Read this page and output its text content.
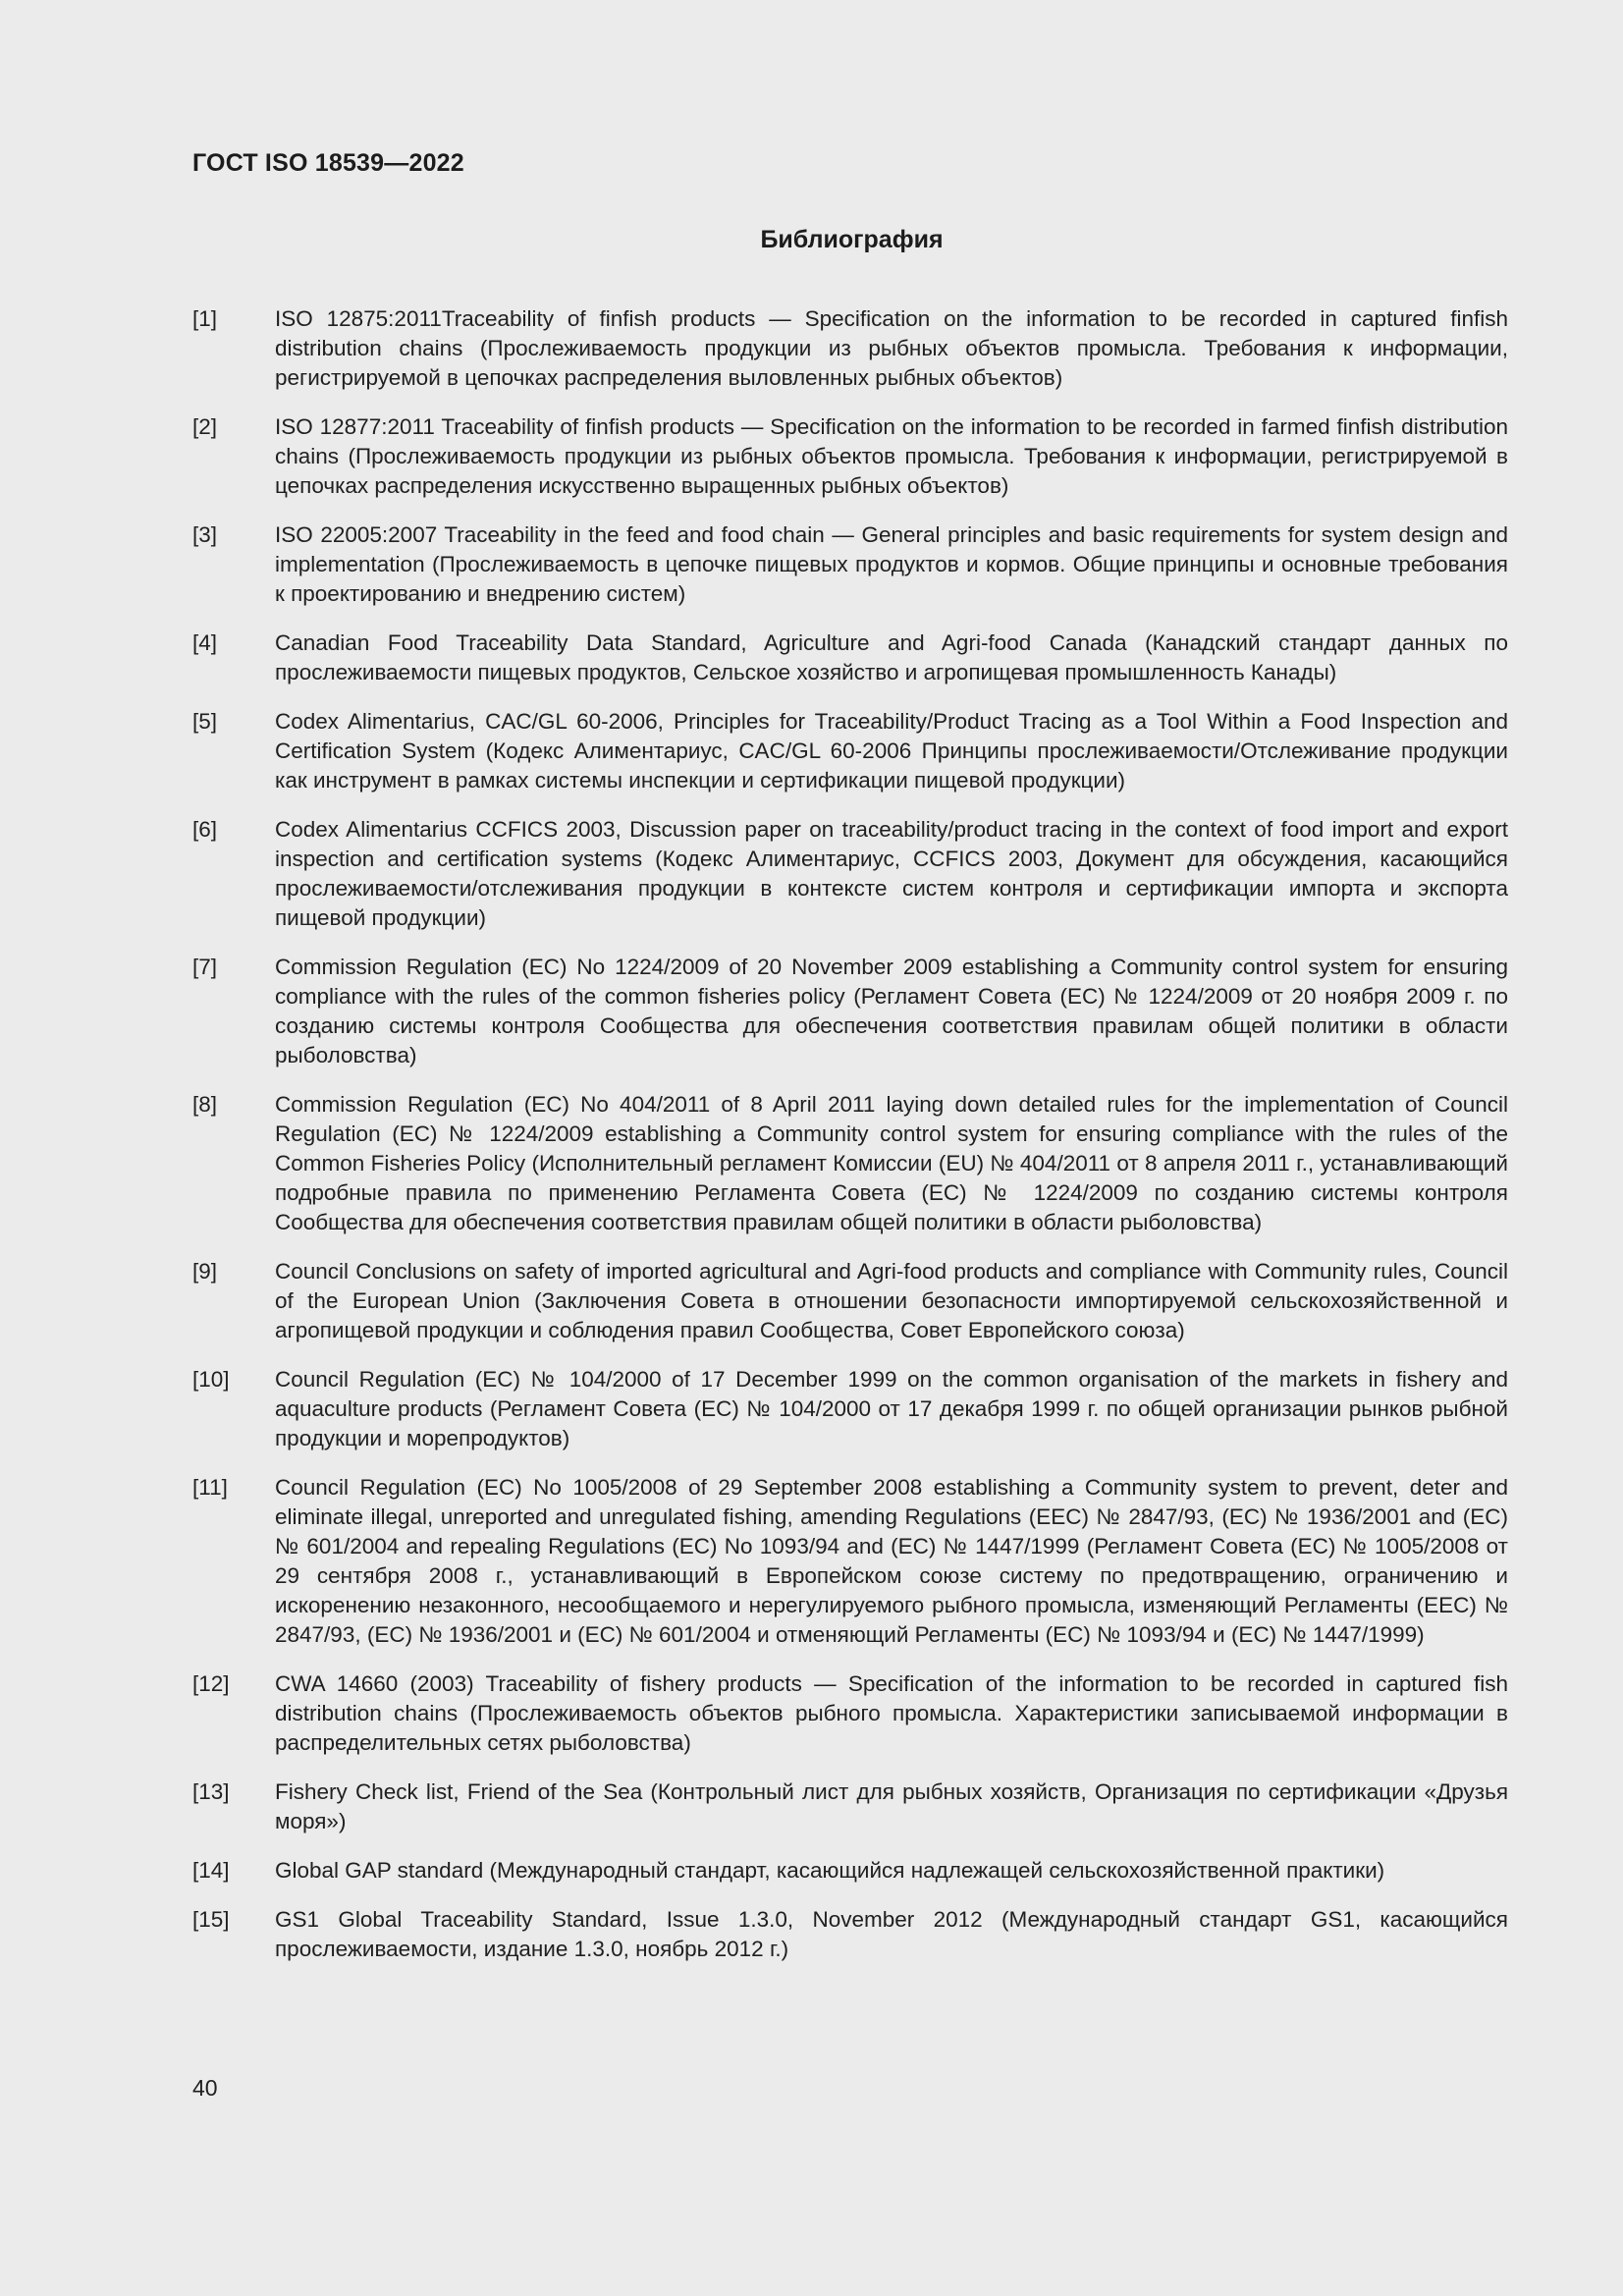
ГОСТ ISO 18539—2022
Библиография
[1]	ISO 12875:2011Traceability of finfish products — Specification on the information to be recorded in captured finfish distribution chains (Прослеживаемость продукции из рыбных объектов промысла. Требования к информации, регистрируемой в цепочках распределения выловленных рыбных объектов)
[2]	ISO 12877:2011 Traceability of finfish products — Specification on the information to be recorded in farmed finfish distribution chains (Прослеживаемость продукции из рыбных объектов промысла. Требования к информации, регистрируемой в цепочках распределения искусственно выращенных рыбных объектов)
[3]	ISO 22005:2007 Traceability in the feed and food chain — General principles and basic requirements for system design and implementation (Прослеживаемость в цепочке пищевых продуктов и кормов. Общие принципы и основные требования к проектированию и внедрению систем)
[4]	Canadian Food Traceability Data Standard, Agriculture and Agri-food Canada (Канадский стандарт данных по прослеживаемости пищевых продуктов, Сельское хозяйство и агропищевая промышленность Канады)
[5]	Codex Alimentarius, CAC/GL 60-2006, Principles for Traceability/Product Tracing as a Tool Within a Food Inspection and Certification System (Кодекс Алиментариус, CAC/GL 60-2006 Принципы прослеживаемости/Отслеживание продукции как инструмент в рамках системы инспекции и сертификации пищевой продукции)
[6]	Codex Alimentarius CCFICS 2003, Discussion paper on traceability/product tracing in the context of food import and export inspection and certification systems (Кодекс Алиментариус, CCFICS 2003, Документ для обсуждения, касающийся прослеживаемости/отслеживания продукции в контексте систем контроля и сертификации импорта и экспорта пищевой продукции)
[7]	Commission Regulation (EC) No 1224/2009 of 20 November 2009 establishing a Community control system for ensuring compliance with the rules of the common fisheries policy (Регламент Совета (ЕС) № 1224/2009 от 20 ноября 2009 г. по созданию системы контроля Сообщества для обеспечения соответствия правилам общей политики в области рыболовства)
[8]	Commission Regulation (EC) No 404/2011 of 8 April 2011 laying down detailed rules for the implementation of Council Regulation (EC) № 1224/2009 establishing a Community control system for ensuring compliance with the rules of the Common Fisheries Policy (Исполнительный регламент Комиссии (EU) № 404/2011 от 8 апреля 2011 г., устанавливающий подробные правила по применению Регламента Совета (ЕС) № 1224/2009 по созданию системы контроля Сообщества для обеспечения соответствия правилам общей политики в области рыболовства)
[9]	Council Conclusions on safety of imported agricultural and Agri-food products and compliance with Community rules, Council of the European Union (Заключения Совета в отношении безопасности импортируемой сельскохозяйственной и агропищевой продукции и соблюдения правил Сообщества, Совет Европейского союза)
[10]	Council Regulation (EC) № 104/2000 of 17 December 1999 on the common organisation of the markets in fishery and aquaculture products (Регламент Совета (ЕС) № 104/2000 от 17 декабря 1999 г. по общей организации рынков рыбной продукции и морепродуктов)
[11]	Council Regulation (EC) No 1005/2008 of 29 September 2008 establishing a Community system to prevent, deter and eliminate illegal, unreported and unregulated fishing, amending Regulations (EEC) № 2847/93, (EC) № 1936/2001 and (EC) № 601/2004 and repealing Regulations (EC) No 1093/94 and (EC) № 1447/1999 (Регламент Совета (ЕС) № 1005/2008 от 29 сентября 2008 г., устанавливающий в Европейском союзе систему по предотвращению, ограничению и искоренению незаконного, несообщаемого и нерегулируемого рыбного промысла, изменяющий Регламенты (ЕЕС) № 2847/93, (ЕС) № 1936/2001 и (ЕС) № 601/2004 и отменяющий Регламенты (ЕС) № 1093/94 и (ЕС) № 1447/1999)
[12]	CWA 14660 (2003) Traceability of fishery products — Specification of the information to be recorded in captured fish distribution chains (Прослеживаемость объектов рыбного промысла. Характеристики записываемой информации в распределительных сетях рыболовства)
[13]	Fishery Check list, Friend of the Sea (Контрольный лист для рыбных хозяйств, Организация по сертификации «Друзья моря»)
[14]	Global GAP standard (Международный стандарт, касающийся надлежащей сельскохозяйственной практики)
[15]	GS1 Global Traceability Standard, Issue 1.3.0, November 2012 (Международный стандарт GS1, касающийся прослеживаемости, издание 1.3.0, ноябрь 2012 г.)
40
